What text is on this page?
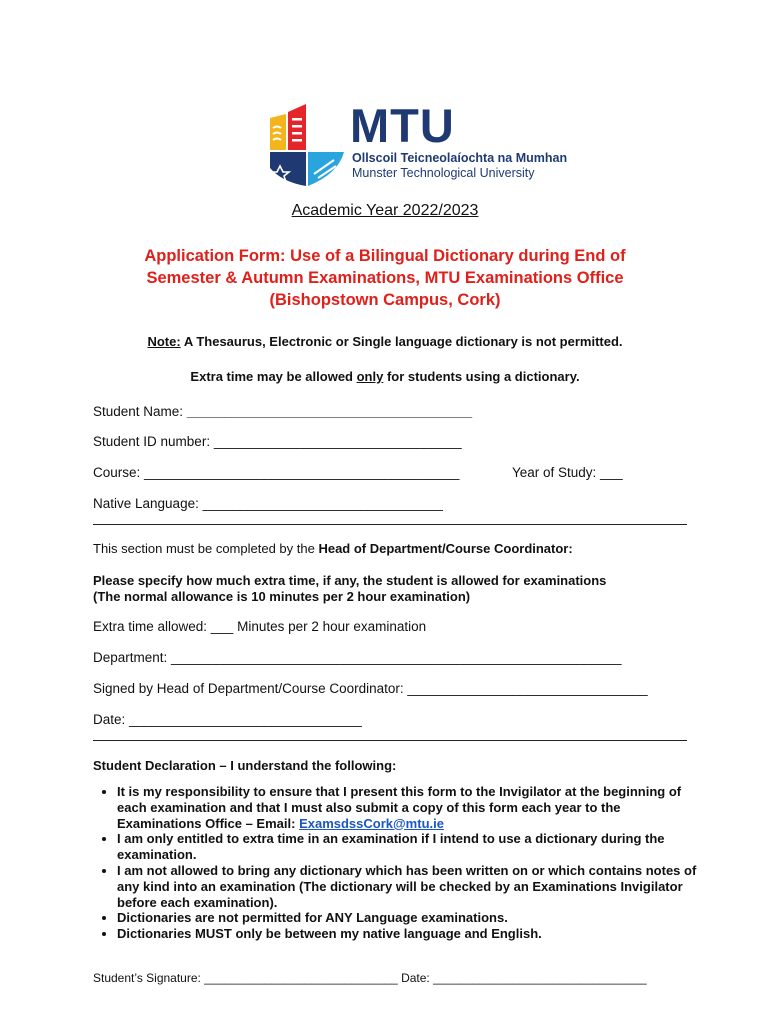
MTU
Ollscoil Teicneolaíochta na Mumhan
Munster Technological University
Academic Year 2022/2023
Application Form: Use of a Bilingual Dictionary during End of
Semester & Autumn Examinations, MTU Examinations Office
(Bishopstown Campus, Cork)
Note: A Thesaurus, Electronic or Single language dictionary is not permitted.
Extra time may be allowed only for students using a dictionary.
Student Name: ______________________________________
Student ID number: _________________________________
Course: __________________________________________	Year of Study: ___
Native Language: ________________________________
This section must be completed by the Head of Department/Course Coordinator:
Please specify how much extra time, if any, the student is allowed for examinations
(The normal allowance is 10 minutes per 2 hour examination)
Extra time allowed: ___ Minutes per 2 hour examination
Department: ____________________________________________________________
Signed by Head of Department/Course Coordinator: ________________________________
Date: _______________________________
Student Declaration – I understand the following:
• It is my responsibility to ensure that I present this form to the Invigilator at the beginning of each examination and that I must also submit a copy of this form each year to the Examinations Office – Email: ExamsdssCork@mtu.ie
• I am only entitled to extra time in an examination if I intend to use a dictionary during the examination.
• I am not allowed to bring any dictionary which has been written on or which contains notes of any kind into an examination (The dictionary will be checked by an Examinations Invigilator before each examination).
• Dictionaries are not permitted for ANY Language examinations.
• Dictionaries MUST only be between my native language and English.
Student’s Signature: _____________________________ Date: ________________________________
